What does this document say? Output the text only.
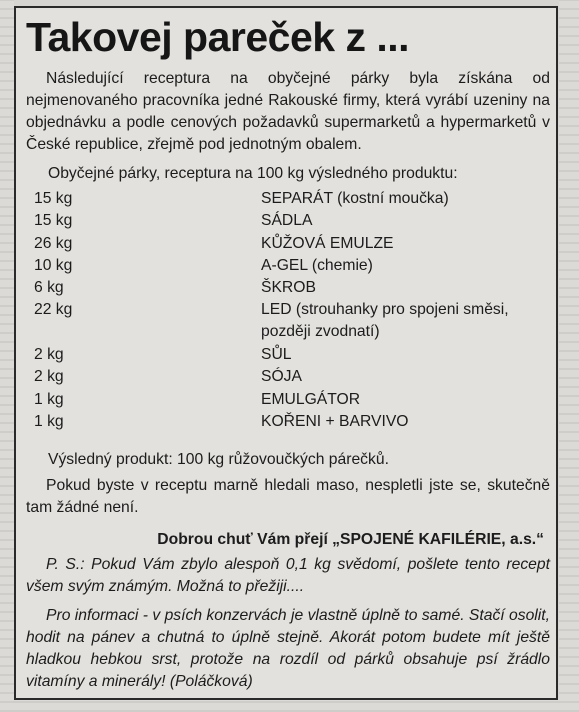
Takovej pareček z ...

Následující receptura na obyčejné párky byla získána od nejmenovaného pracovníka jedné Rakouské firmy, která vyrábí uzeniny na objednávku a podle cenových požadavků supermarketů a hypermarketů v České republice, zřejmě pod jednotným obalem.

Obyčejné párky, receptura na 100 kg výsledného produktu:
15 kg	SEPARÁT (kostní moučka)
15 kg	SÁDLA
26 kg	KŮŽOVÁ EMULZE
10 kg	A-GEL (chemie)
6 kg	ŠKROB
22 kg	LED (strouhanky pro spojeni směsi, později zvodnatí)
2 kg	SŮL
2 kg	SÓJA
1 kg	EMULGÁTOR
1 kg	KOŘENI + BARVIVO
Výsledný produkt: 100 kg růžovoučkých párečků.

Pokud byste v receptu marně hledali maso, nespletli jste se, skutečně tam žádné není.

Dobrou chuť Vám přejí „SPOJENÉ KAFILÉRIE, a.s.“

P. S.: Pokud Vám zbylo alespoň 0,1 kg svědomí, pošlete tento recept všem svým známým. Možná to přežiji....

Pro informaci - v psích konzervách je vlastně úplně to samé. Stačí osolit, hodit na pánev a chutná to úplně stejně. Akorát potom budete mít ještě hladkou hebkou srst, protože na rozdíl od párků obsahuje psí žrádlo vitamíny a minerály! (Poláčková)
